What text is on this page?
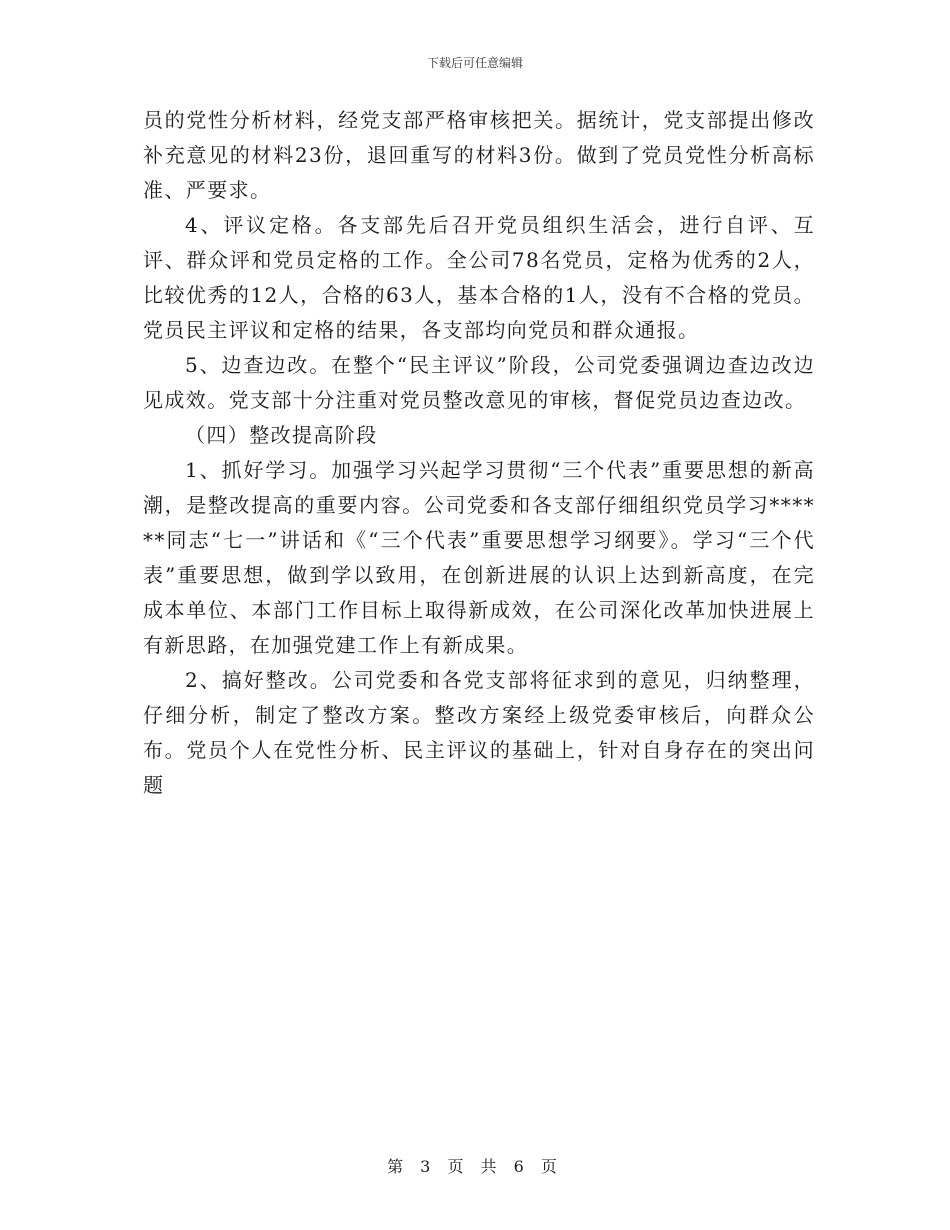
下载后可任意编辑

员的党性分析材料，经党支部严格审核把关。据统计，党支部提出修改补充意见的材料23份，退回重写的材料3份。做到了党员党性分析高标准、严要求。

4、评议定格。各支部先后召开党员组织生活会，进行自评、互评、群众评和党员定格的工作。全公司78名党员，定格为优秀的2人，比较优秀的12人，合格的63人，基本合格的1人，没有不合格的党员。党员民主评议和定格的结果，各支部均向党员和群众通报。

5、边查边改。在整个“民主评议”阶段，公司党委强调边查边改边见成效。党支部十分注重对党员整改意见的审核，督促党员边查边改。

（四）整改提高阶段

1、抓好学习。加强学习兴起学习贯彻“三个代表”重要思想的新高潮，是整改提高的重要内容。公司党委和各支部仔细组织党员学习******同志“七一”讲话和《“三个代表”重要思想学习纲要》。学习“三个代表”重要思想，做到学以致用，在创新进展的认识上达到新高度，在完成本单位、本部门工作目标上取得新成效，在公司深化改革加快进展上有新思路，在加强党建工作上有新成果。

2、搞好整改。公司党委和各党支部将征求到的意见，归纳整理，仔细分析，制定了整改方案。整改方案经上级党委审核后，向群众公布。党员个人在党性分析、民主评议的基础上，针对自身存在的突出问题

第 3 页 共 6 页
